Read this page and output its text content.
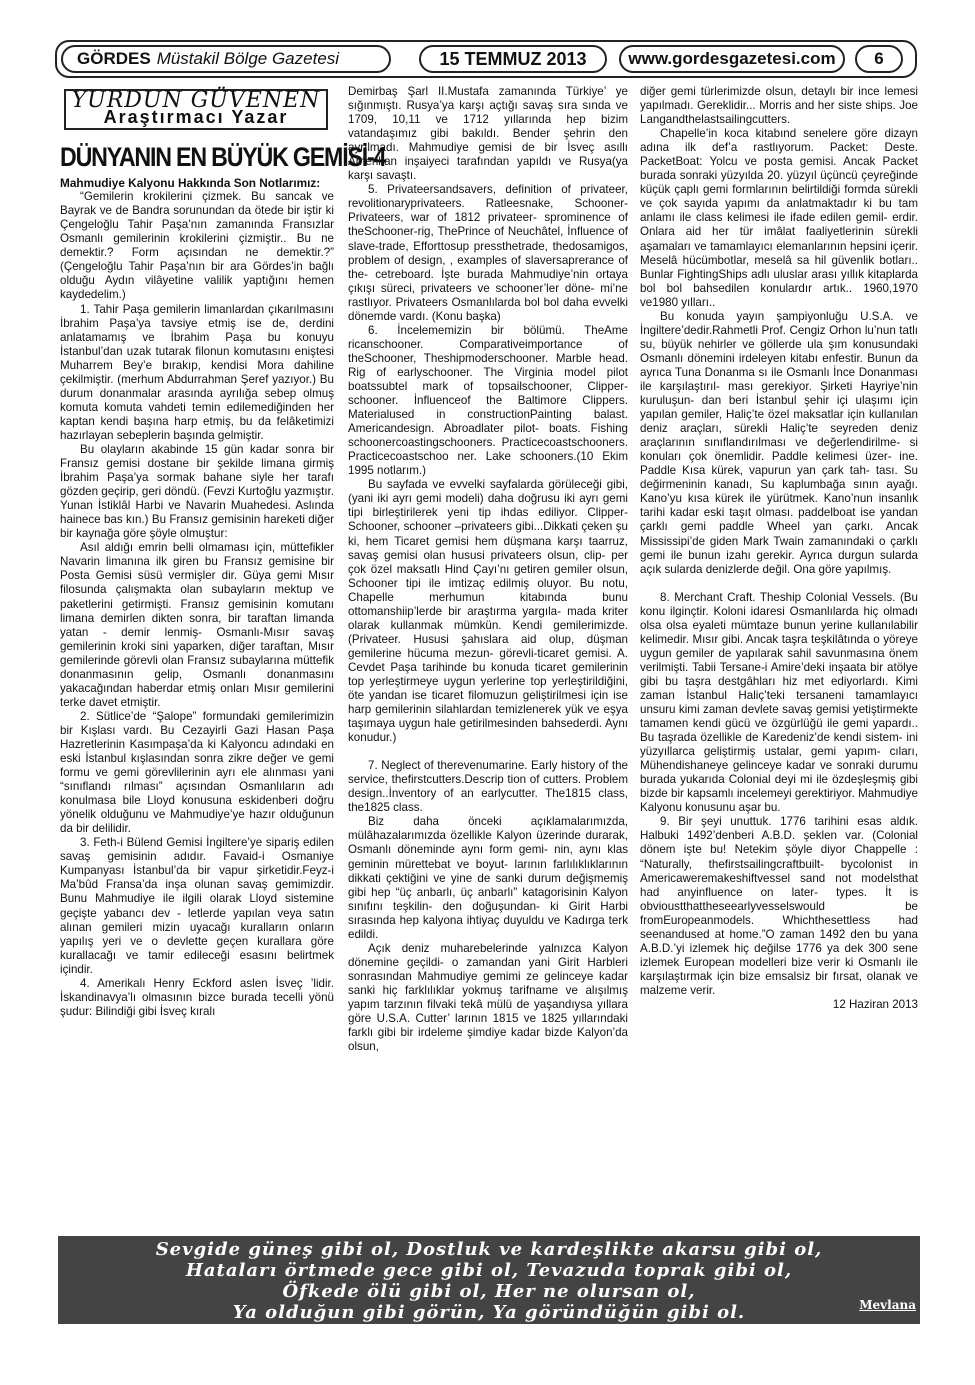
GÖRDES Müstakil Bölge Gazetesi	15 TEMMUZ 2013	www.gordesgazetesi.com	6
YURDUN GÜVENEN
Araştırmacı Yazar
DÜNYANIN EN BÜYÜK GEMİSİ-4

Mahmudiye Kalyonu Hakkında Son Notlarımız:

“Gemilerin krokilerini çizmek. Bu sancak ve Bayrak ve de Bandra sorunundan da ötede bir iştir ki Çengeloğlu Tahir Paşa’nın zamanında Fransızlar Osmanlı gemilerinin krokilerini çizmiştir.. Bu ne demektir.? Form açısından ne demektir.?” (Çengeloğlu Tahir Paşa’nın bir ara Gördes’in bağlı olduğu Aydın vilâyetine valilik yaptığını hemen kaydedelim.)

1. Tahir Paşa gemilerin limanlardan çıkarılmasını İbrahim Paşa’ya tavsiye etmiş ise de, derdini anlatamamış ve İbrahim Paşa bu konuyu İstanbul’dan uzak tutarak filonun komutasını eniştesi Muharrem Bey’e bırakıp, kendisi Mora dahiline çekilmiştir. (merhum Abdurrahman Şeref yazıyor.) Bu durum donanmalar arasında ayrılığa sebep olmuş komuta komuta vahdeti temin edilemediğinden her kaptan kendi başına harp etmiş, bu da felâketimizi hazırlayan sebeplerin başında gelmiştir.

Bu olayların akabinde 15 gün kadar sonra bir Fransız gemisi dostane bir şekilde limana girmiş İbrahim Paşa’ya sormak bahane siyle her tarafı gözden geçirip, geri döndü. (Fevzi Kurtoğlu yazmıştır. Yunan İstiklâl Harbi ve Navarin Muahedesi. Aslında hainece bas kın.) Bu Fransız gemisinin hareketi diğer bir kaynağa göre şöyle olmuştur:

Asıl aldığı emrin belli olmaması için, müttefikler Navarin limanına ilk giren bu Fransız gemisine bir Posta Gemisi süsü vermişler dir. Güya gemi Mısır filosunda çalışmakta olan subayların mektup ve paketlerini getirmişti. Fransız gemisinin komutanı limana demirlen dikten sonra, bir taraftan limanda yatan - demir lenmiş- Osmanlı-Mısır savaş gemilerinin kroki sini yaparken, diğer taraftan, Mısır gemilerinde görevli olan Fransız subaylarına müttefik donanmasının gelip, Osmanlı donanmasını yakacağından haberdar etmiş onları Mısır gemilerini terke davet etmiştir.

2. Sütlice’de “Şalope” formundaki gemilerimizin bir Kışlası vardı. Bu Cezayirli Gazi Hasan Paşa Hazretlerinin Kasımpaşa’da ki Kalyoncu adındaki en eski İstanbul kışlasından sonra zikre değer ve gemi formu ve gemi görevlilerinin ayrı ele alınması yani “sınıflandı rılması” açısından Osmanlıların adı konulmasa bile Lloyd konusuna eskidenberi doğru yönelik olduğunu ve Mahmudiye’ye hazır olduğunun da bir delilidir.

3. Feth-i Bülend Gemisi İngiltere’ye sipariş edilen savaş gemisinin adıdır. Favaid-i Osmaniye Kumpanyası İstanbul’da bir vapur şirketidir.Feyz-i Ma’bûd Fransa’da inşa olunan savaş gemimizdir. Bunu Mahmudiye ile ilgili olarak Lloyd sistemine geçişte yabancı dev - letlerde yapılan veya satın alınan gemileri mizin uyacağı kuralların onların yapılış yeri ve o devlette geçen kurallara göre kurallacağı ve tamir edileceği esasını belirtmek içindir.

4. Amerikalı Henry Eckford aslen İsveç ’lidir. İskandinavya’lı olmasının bizce burada tecelli yönü şudur: Bilindiği gibi İsveç kıralı

Demirbaş Şarl II.Mustafa zamanında Türkiye’ ye sığınmıştı. Rusya’ya karşı açtığı savaş sıra sında ve 1709, 10,11 ve 1712 yıllarında hep bizim vatandaşımız gibi bakıldı. Bender şehrin den ayrılmadı. Mahmudiye gemisi de bir İsveç asıllı Amerikan inşaiyeci tarafından yapıldı ve Rusya(ya karşı savaştı.

5. Privateersandsavers, definition of privateer, revolitionaryprivateers. Ratleesnake, Schooner- Privateers, war of 1812 privateer- sprominence of theSchooner-rig, ThePrince of Neuchâtel, İnfluence of slave-trade, Efforttosup pressthetrade, thedosamigos, problem of design, , examples of slaversaprerance of the- cetreboard. İşte burada Mahmudiye’nin ortaya çıkışı süreci, privateers ve schooner’ler döne- mi’ne rastlıyor. Privateers Osmanlılarda bol bol daha evvelki dönemde vardı. (Konu başka)

6. İncelememizin bir bölümü. TheAme ricanschooner. Comparativeimportance of theSchooner, Theshipmoderschooner. Marble head. Rig of earlyschooner. The Virginia model pilot boatssubtel mark of topsailschooner, Clipper-schooner. İnfluenceof the Baltimore Clippers. Materialused in constructionPainting balast. Americandesign. Abroadlater pilot- boats. Fishing schoonercoastingschooners. Practicecoastschooners. Practicecoastschoo ner. Lake schooners.(10 Ekim 1995 notlarım.)

Bu sayfada ve evvelki sayfalarda görüleceği gibi, (yani iki ayrı gemi modeli) daha doğrusu iki ayrı gemi tipi birleştirilerek yeni tip ihdas ediliyor. Clipper-Schooner, schooner –privateers gibi...Dikkati çeken şu ki, hem Ticaret gemisi hem düşmana karşı taarruz, savaş gemisi olan hususi privateers olsun, clip- per çok özel maksatlı Hind Çayı’nı getiren gemiler olsun, Schooner tipi ile imtizaç edilmiş oluyor. Bu notu, Chapelle merhumun kitabında bunu ottomanshiip’lerde bir araştırma yargıla- mada kriter olarak kullanmak mümkün. Kendi gemilerimizde. (Privateer. Hususi şahıslara aid olup, düşman gemilerine hücuma mezun- görevli-ticaret gemisi. A. Cevdet Paşa tarihinde bu konuda ticaret gemilerinin top yerleştirmeye uygun yerlerine top yerleştirildiğini, öte yandan ise ticaret filomuzun geliştirilmesi için ise harp gemilerinin silahlardan temizlenerek yük ve eşya taşımaya uygun hale getirilmesinden bahsederdi. Aynı konudur.)

7. Neglect of therevenumarine. Early history of the service, thefirstcutters.Descrip tion of cutters. Problem design..İnventory of an earlycutter. The1815 class, the1825 class.

Biz daha önceki açıklamalarımızda, mülâhazalarımızda özellikle Kalyon üzerinde durarak, Osmanlı döneminde aynı form gemi- nin, aynı klas geminin mürettebat ve boyut- larının farlılıklıklarının dikkati çektiğini ve yine de sanki durum değişmemiş gibi hep “üç anbarlı, üç anbarlı” katagorisinin Kalyon sınıfını teşkilin- den doğuşundan- ki Girit Harbi sırasında hep kalyona ihtiyaç duyuldu ve Kadırga terk edildi.

Açık deniz muharebelerinde yalnızca Kalyon dönemine geçildi- o zamandan yani Girit Harbleri sonrasından Mahmudiye gemimi ze gelinceye kadar sanki hiç farklılıklar yokmuş tarifname ve alışılmış yapım tarzının filvaki tekâ mülü de yaşandıysa yıllara göre U.S.A. Cutter’ larının 1815 ve 1825 yıllarındaki farklı gibi bir irdeleme şimdiye kadar bizde Kalyon’da olsun,

diğer gemi türlerimizde olsun, detaylı bir ince lemesi yapılmadı. Gereklidir... Morris and her siste ships. Joe Langandthelastsailingcutters.

Chapelle’in koca kitabınd senelere göre dizayn adına ilk def’a rastlıyorum. Packet: Deste. PacketBoat: Yolcu ve posta gemisi. Ancak Packet burada sonraki yüzyılda 20. yüzyıl üçüncü çeyreğinde küçük çaplı gemi formlarının belirtildiği formda sürekli ve çok sayıda yapımı da anlatmaktadır ki bu tam anlamı ile class kelimesi ile ifade edilen gemil- erdir. Onlara aid her tür imâlat faaliyetlerinin sürekli aşamaları ve tamamlayıcı elemanlarının hepsini içerir. Meselâ hücümbotlar, meselâ sa hil güvenlik botları.. Bunlar FightingShips adlı uluslar arası yıllık kitaplarda bol bol bahsedilen konulardır artık.. 1960,1970 ve1980 yılları..

Bu konuda yayın şampiyonluğu U.S.A. ve İngiltere’dedir.Rahmetli Prof. Cengiz Orhon lu’nun tatlı su, büyük nehirler ve göllerde ula şım konusundaki Osmanlı dönemini irdeleyen kitabı enfestir. Bunun da ayrıca Tuna Donanma sı ile Osmanlı İnce Donanması ile karşılaştırıl- ması gerekiyor. Şirketi Hayriye’nin kuruluşun- dan beri İstanbul şehir içi ulaşımı için yapılan gemiler, Haliç’te özel maksatlar için kullanılan deniz araçları, sürekli Haliç’te seyreden deniz araçlarının sınıflandırılması ve değerlendirilme- si konuları çok önemlidir. Paddle kelimesi üzer- ine. Paddle Kısa kürek, vapurun yan çark tah- tası. Su değirmeninin kanadı, Su kaplumbağa sının ayağı. Kano’yu kısa kürek ile yürütmek. Kano’nun insanlık tarihi kadar eski taşıt olması. paddelboat ise yandan çarklı gemi paddle Wheel yan çarkı. Ancak Mississipi’de giden Mark Twain zamanındaki o çarklı gemi ile bunun izahı gerekir. Ayrıca durgun sularda açık sularda denizlerde değil. Ona göre yapılmış.

8. Merchant Craft. Theship Colonial Vessels. (Bu konu ilginçtir. Koloni idaresi Osmanlılarda hiç olmadı olsa olsa eyaleti mümtaze bunun yerine kullanılabilir kelimedir. Mısır gibi. Ancak taşra teşkilâtında o yöreye uygun gemiler de yapılarak sahil savunmasına önem verilmişti. Tabii Tersane-i Amire’deki inşaata bir atölye gibi bu taşra destgâhları hiz met ediyorlardı. Kimi zaman İstanbul Haliç’teki tersaneni tamamlayıcı unsuru kimi zaman devlete savaş gemisi yetiştirmekte tamamen kendi gücü ve özgürlüğü ile gemi yapardı.. Bu taşrada özellikle de Karedeniz’de kendi sistem- ini yüzyıllarca geliştirmiş ustalar, gemi yapım- cıları, Mühendishaneye gelinceye kadar ve sonraki durumu burada yukarıda Colonial deyi mi ile özdeşleşmiş gibi bizde bir kapsamlı incelemeyi gerektiriyor. Mahmudiye Kalyonu konusunu aşar bu.

9. Bir şeyi unuttuk. 1776 tarihini esas aldık. Halbuki 1492’denberi A.B.D. şeklen var. (Colonial dönem işte bu! Netekim şöyle diyor Chappelle : “Naturally, thefirstsailingcraftbuilt- bycolonist in Americaweremakeshiftvessel sand not modelsthat had anyinfluence on later- types. İt is obvioustthattheseearlyvesselswould be fromEuropeanmodels. Whichthesettless had seenandused at home.”O zaman 1492 den bu yana A.B.D.’yi izlemek hiç değilse 1776 ya dek 300 sene izlemek European modelleri bize verir ki Osmanlı ile karşılaştırmak için bize emsalsiz bir fırsat, olanak ve malzeme verir.

12 Haziran 2013

Sevgide güneş gibi ol, Dostluk ve kardeşlikte akarsu gibi ol,
Hataları örtmede gece gibi ol, Tevazuda toprak gibi ol,
Öfkede ölü gibi ol, Her ne olursan ol,
Ya olduğun gibi görün, Ya göründüğün gibi ol.	Mevlana
